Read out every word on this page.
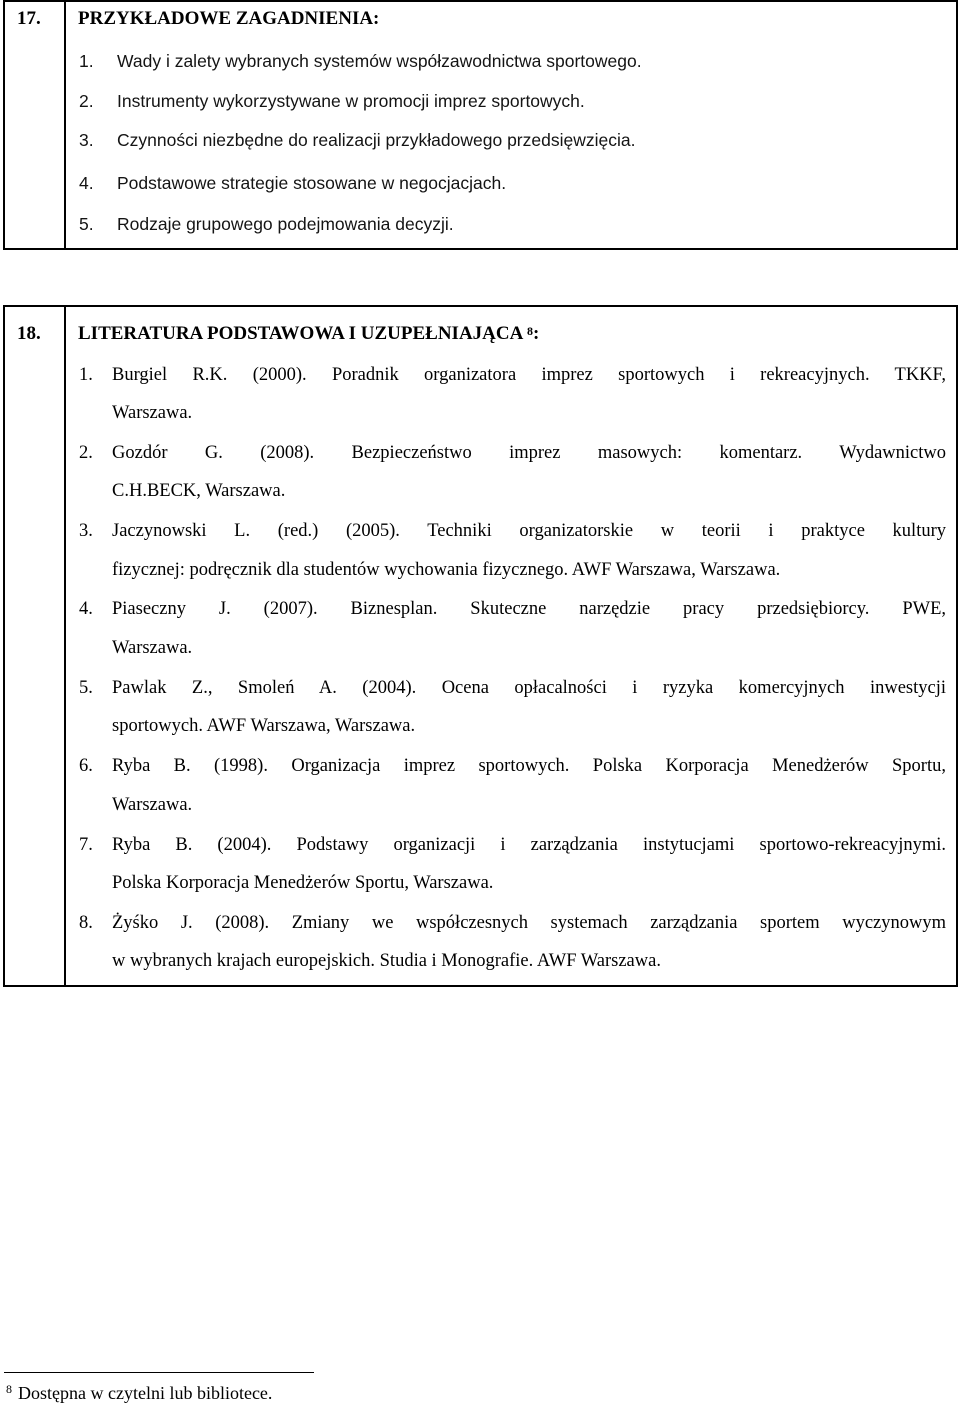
17. PRZYKŁADOWE ZAGADNIENIA:
1. Wady i zalety wybranych systemów współzawodnictwa sportowego.
2. Instrumenty wykorzystywane w promocji imprez sportowych.
3. Czynności niezbędne do realizacji przykładowego przedsięwzięcia.
4. Podstawowe strategie stosowane w negocjacjach.
5. Rodzaje grupowego podejmowania decyzji.
18. LITERATURA PODSTAWOWA I UZUPEŁNIAJĄCA $^8$:
1. Burgiel R.K. (2000). Poradnik organizatora imprez sportowych i rekreacyjnych. TKKF,
Warszawa.
2. Gozdór G. (2008). Bezpieczeństwo imprez masowych: komentarz. Wydawnictwo
C.H.BECK, Warszawa.
3. Jaczynowski L. (red.) (2005). Techniki organizatorskie w teorii i praktyce kultury
fizycznej: podręcznik dla studentów wychowania fizycznego. AWF Warszawa, Warszawa.
4. Piaseczny J. (2007). Biznesplan. Skuteczne narzędzie pracy przedsiębiorcy. PWE,
Warszawa.
5. Pawlak Z., Smoleń A. (2004). Ocena opłacalności i ryzyka komercyjnych inwestycji
sportowych. AWF Warszawa, Warszawa.
6. Ryba B. (1998). Organizacja imprez sportowych. Polska Korporacja Menedżerów Sportu,
Warszawa.
7. Ryba B. (2004). Podstawy organizacji i zarządzania instytucjami sportowo-rekreacyjnymi.
Polska Korporacja Menedżerów Sportu, Warszawa.
8. Żyśko J. (2008). Zmiany we współczesnych systemach zarządzania sportem wyczynowym
w wybranych krajach europejskich. Studia i Monografie. AWF Warszawa.
$^8$ Dostępna w czytelni lub bibliotece.
